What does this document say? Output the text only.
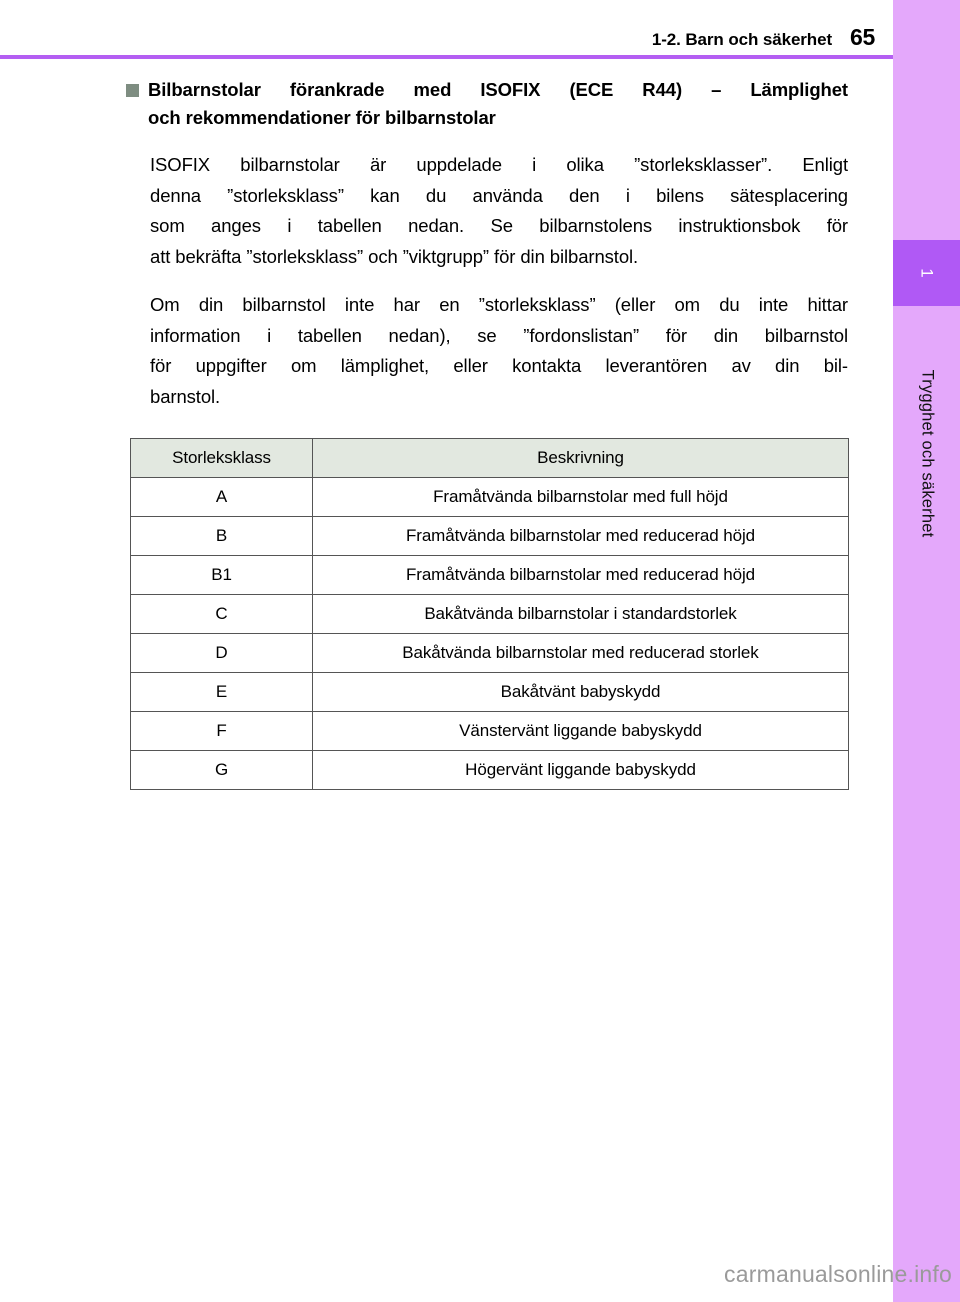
1-2. Barn och säkerhet 65
1
Trygghet och säkerhet
Bilbarnstolar förankrade med ISOFIX (ECE R44) – Lämplighet
och rekommendationer för bilbarnstolar
ISOFIX bilbarnstolar är uppdelade i olika ”storleksklasser”. Enligt
denna ”storleksklass” kan du använda den i bilens sätesplacering
som anges i tabellen nedan. Se bilbarnstolens instruktionsbok för
att bekräfta ”storleksklass” och ”viktgrupp” för din bilbarnstol.
Om din bilbarnstol inte har en ”storleksklass” (eller om du inte hittar
information i tabellen nedan), se ”fordonslistan” för din bilbarnstol
för uppgifter om lämplighet, eller kontakta leverantören av din bil-
barnstol.
Storleksklass	Beskrivning
A	Framåtvända bilbarnstolar med full höjd
B	Framåtvända bilbarnstolar med reducerad höjd
B1	Framåtvända bilbarnstolar med reducerad höjd
C	Bakåtvända bilbarnstolar i standardstorlek
D	Bakåtvända bilbarnstolar med reducerad storlek
E	Bakåtvänt babyskydd
F	Vänstervänt liggande babyskydd
G	Högervänt liggande babyskydd
carmanualsonline.info
